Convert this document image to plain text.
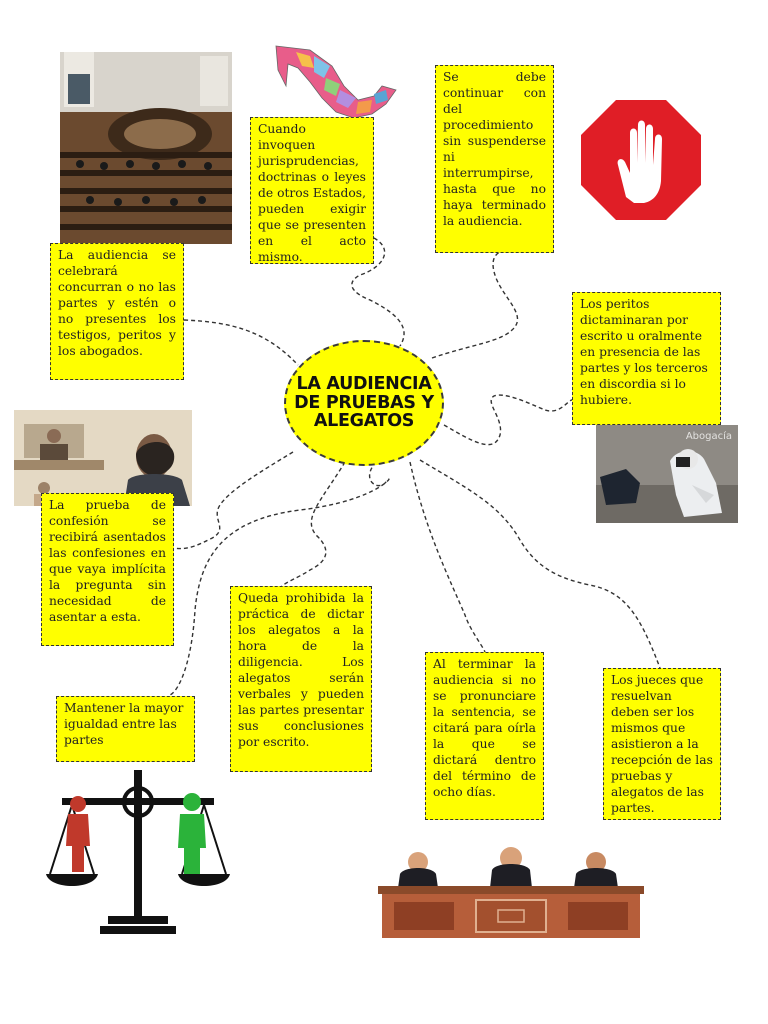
Abogacía
LA AUDIENCIA DE PRUEBAS Y ALEGATOS
La audiencia se celebrará concurran o no las partes y estén o no presentes los testigos, peritos y los abogados.
Cuando invoquen jurisprudencias, doctrinas o leyes de otros Estados, pueden exigir que se presenten en el acto mismo.
Se debe continuar con del procedimiento sin suspenderse ni interrumpirse, hasta que no haya terminado la audiencia.
Los peritos dictaminaran por escrito u oralmente en presencia de las partes y los terceros en discordia si lo hubiere.
La prueba de confesión se recibirá asentados las confesiones en que vaya implícita la pregunta sin necesidad de asentar a esta.
Queda prohibida la práctica de dictar los alegatos a la hora de la diligencia. Los alegatos serán verbales y pueden las partes presentar sus conclusiones por escrito.
Al terminar la audiencia si no se pronunciare la sentencia, se citará para oírla la que se dictará dentro del término de ocho días.
Los jueces que resuelvan deben ser los mismos que asistieron a la recepción de las pruebas y alegatos de las partes.
Mantener la mayor igualdad entre las partes
